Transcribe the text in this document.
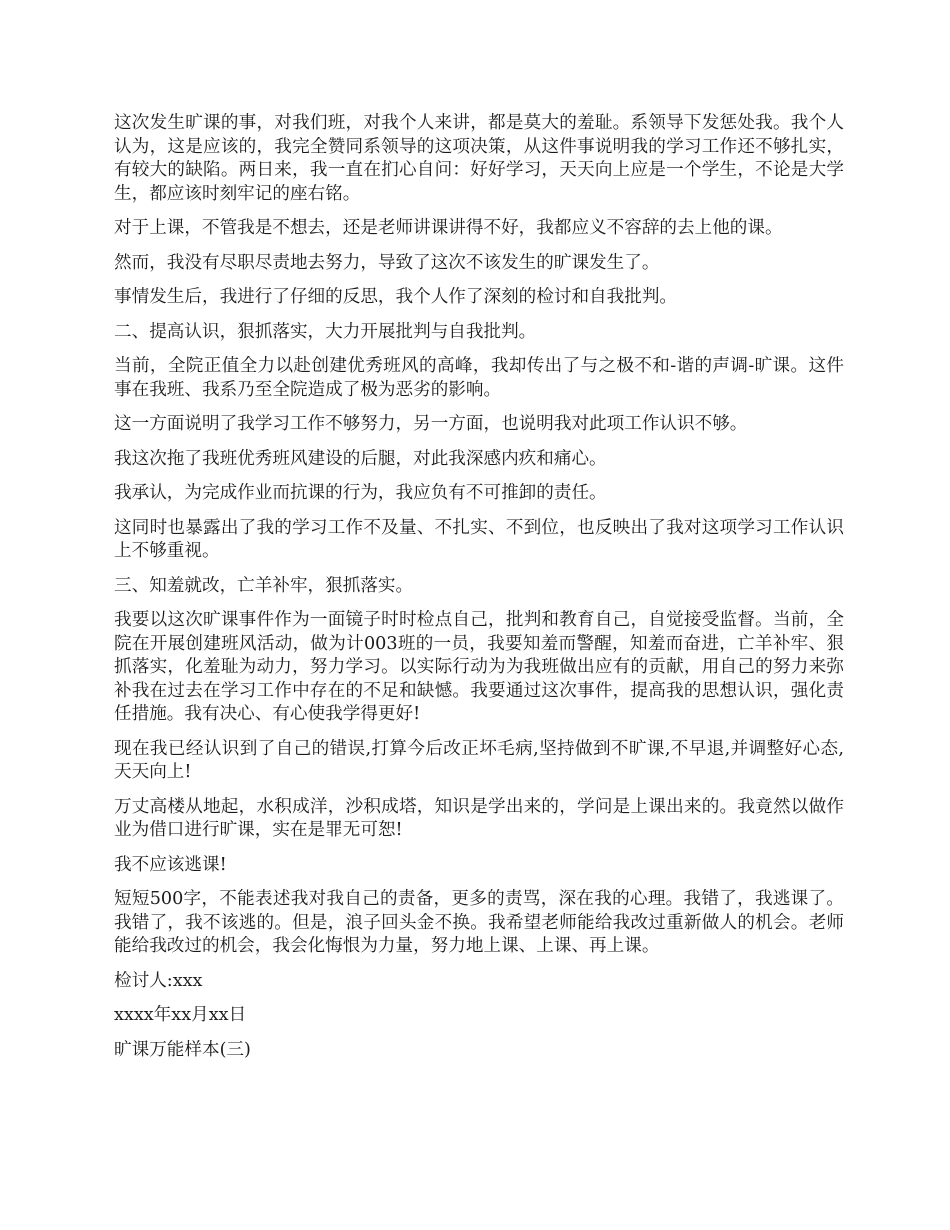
这次发生旷课的事，对我们班，对我个人来讲，都是莫大的羞耻。系领导下发惩处我。我个人认为，这是应该的，我完全赞同系领导的这项决策，从这件事说明我的学习工作还不够扎实，有较大的缺陷。两日来，我一直在扪心自问：好好学习，天天向上应是一个学生，不论是大学生，都应该时刻牢记的座右铭。

对于上课，不管我是不想去，还是老师讲课讲得不好，我都应义不容辞的去上他的课。

然而，我没有尽职尽责地去努力，导致了这次不该发生的旷课发生了。

事情发生后，我进行了仔细的反思，我个人作了深刻的检讨和自我批判。

二、提高认识，狠抓落实，大力开展批判与自我批判。

当前，全院正值全力以赴创建优秀班风的高峰，我却传出了与之极不和-谐的声调-旷课。这件事在我班、我系乃至全院造成了极为恶劣的影响。

这一方面说明了我学习工作不够努力，另一方面，也说明我对此项工作认识不够。

我这次拖了我班优秀班风建设的后腿，对此我深感内疚和痛心。

我承认，为完成作业而抗课的行为，我应负有不可推卸的责任。

这同时也暴露出了我的学习工作不及量、不扎实、不到位，也反映出了我对这项学习工作认识上不够重视。

三、知羞就改，亡羊补牢，狠抓落实。

我要以这次旷课事件作为一面镜子时时检点自己，批判和教育自己，自觉接受监督。当前，全院在开展创建班风活动，做为计003班的一员，我要知羞而警醒，知羞而奋进，亡羊补牢、狠抓落实，化羞耻为动力，努力学习。以实际行动为为我班做出应有的贡献，用自己的努力来弥补我在过去在学习工作中存在的不足和缺憾。我要通过这次事件，提高我的思想认识，强化责任措施。我有决心、有心使我学得更好!

现在我已经认识到了自己的错误,打算今后改正坏毛病,坚持做到不旷课,不早退,并调整好心态,天天向上!

万丈高楼从地起，水积成洋，沙积成塔，知识是学出来的，学问是上课出来的。我竟然以做作业为借口进行旷课，实在是罪无可恕!

我不应该逃课!

短短500字，不能表述我对我自己的责备，更多的责骂，深在我的心理。我错了，我逃课了。我错了，我不该逃的。但是，浪子回头金不换。我希望老师能给我改过重新做人的机会。老师能给我改过的机会，我会化悔恨为力量，努力地上课、上课、再上课。

检讨人:xxx

xxxx年xx月xx日

旷课万能样本(三)
